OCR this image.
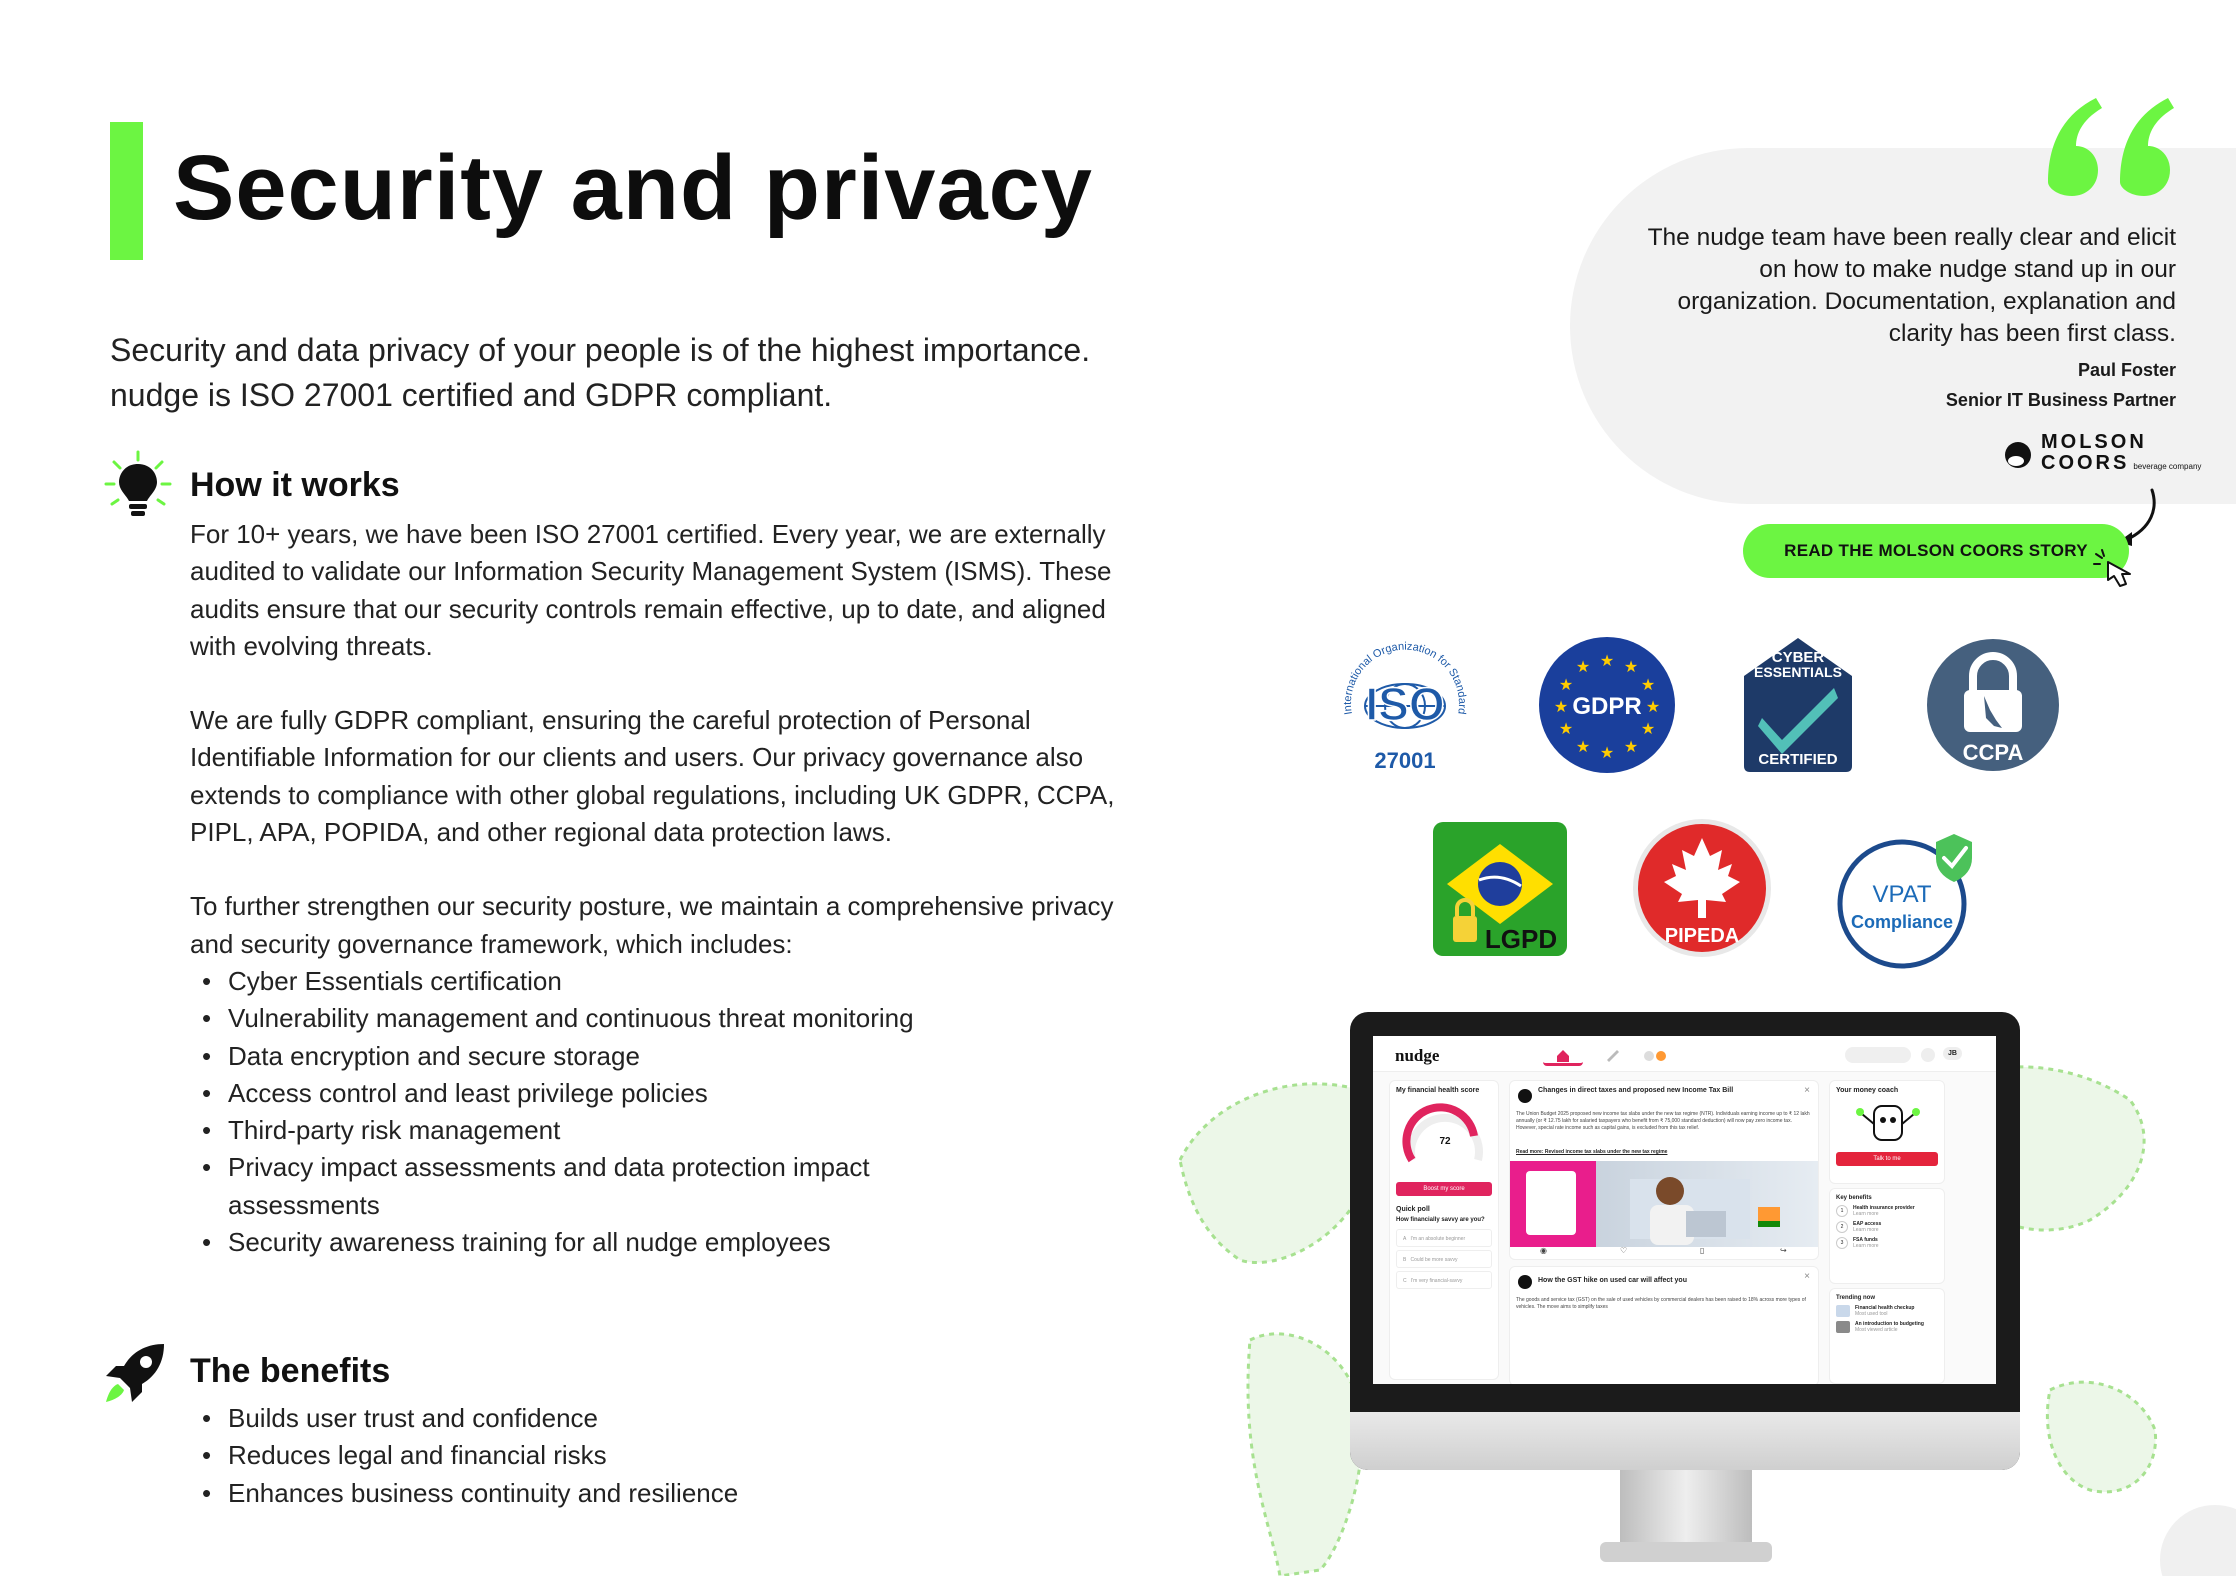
Security and privacy

Security and data privacy of your people is of the highest importance. nudge is ISO 27001 certified and GDPR compliant.

How it works

For 10+ years, we have been ISO 27001 certified. Every year, we are externally audited to validate our Information Security Management System (ISMS). These audits ensure that our security controls remain effective, up to date, and aligned with evolving threats.

We are fully GDPR compliant, ensuring the careful protection of Personal Identifiable Information for our clients and users. Our privacy governance also extends to compliance with other global regulations, including UK GDPR, CCPA, PIPL, APA, POPIDA, and other regional data protection laws.

To further strengthen our security posture, we maintain a comprehensive privacy and security governance framework, which includes:

• Cyber Essentials certification
• Vulnerability management and continuous threat monitoring
• Data encryption and secure storage
• Access control and least privilege policies
• Third-party risk management
• Privacy impact assessments and data protection impact assessments
• Security awareness training for all nudge employees
The benefits
• Builds user trust and confidence
• Reduces legal and financial risks
• Enhances business continuity and resilience

The nudge team have been really clear and elicit on how to make nudge stand up in our organization. Documentation, explanation and clarity has been first class.

Paul Foster
Senior IT Business Partner
MOLSON
COORS beverage company
READ THE MOLSON COORS STORY
International Organization for Standard
ISO
27001
★ ★
★
★
★
★
★
★
★
★
★
★
GDPR
CYBER
ESSENTIALS
CERTIFIED	CCPA
LGPD	PIPEDA
VPAT
Compliance
nudge	JB
My financial health score
72
Boost my score
Quick poll
How financially savvy are you?
A I'm an absolute beginner
B Could be more savvy
C I'm very financial-savvy
Changes in direct taxes and proposed new Income Tax Bill	×
The Union Budget 2025 proposed new income tax slabs under the new tax regime (NTR). Individuals earning income up to ₹ 12 lakh annually (or ₹ 12.75 lakh for salaried taxpayers who benefit from ₹ 75,000 standard deduction) will now pay zero income tax. However, special rate income such as capital gains, is excluded from this tax relief.
Read more: Revised income tax slabs under the new tax regime
◉	♡	▯	↪
How the GST hike on used car will affect you	×
The goods and service tax (GST) on the sale of used vehicles by commercial dealers has been raised to 18% across more types of vehicles. The move aims to simplify taxes
Your money coach
Talk to me
Key benefits
1	Health insurance provider
Learn more
2	EAP access
Learn more
3	FSA funds
Learn more
Trending now
Financial health checkup
Most used tool
An introduction to budgeting
Most viewed article
